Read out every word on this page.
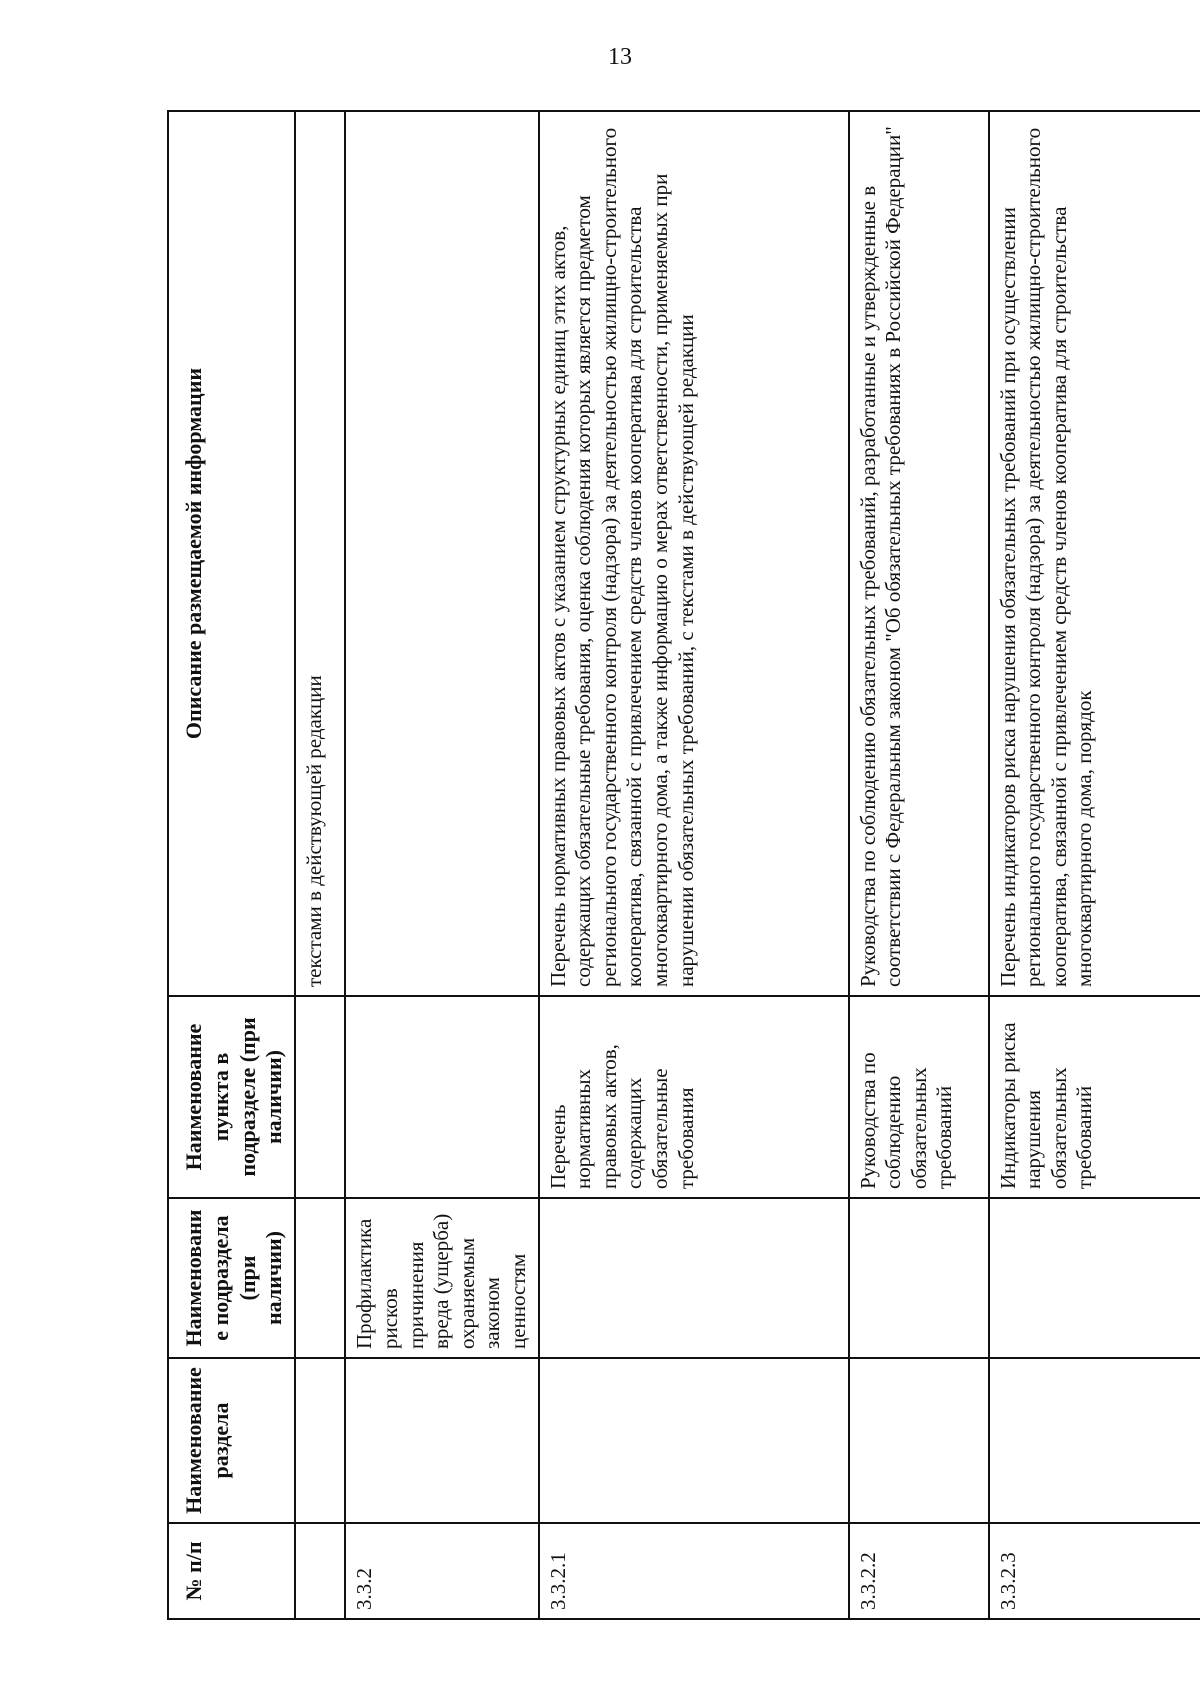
13
№ п/п	Наименование раздела	Наименование подраздела (при наличии)	Наименование пункта в подразделе (при наличии)	Описание размещаемой информации
				текстами в действующей редакции
3.3.2		Профилактика рисков причинения вреда (ущерба) охраняемым законом ценностям		
3.3.2.1			Перечень нормативных правовых актов, содержащих обязательные требования	Перечень нормативных правовых актов с указанием структурных единиц этих актов, содержащих обязательные требования, оценка соблюдения которых является предметом регионального государственного контроля (надзора) за деятельностью жилищно-строительного кооператива, связанной с привлечением средств членов кооператива для строительства многоквартирного дома, а также информацию о мерах ответственности, применяемых при нарушении обязательных требований, с текстами в действующей редакции
3.3.2.2			Руководства по соблюдению обязательных требований	Руководства по соблюдению обязательных требований, разработанные и утвержденные в соответствии с Федеральным законом "Об обязательных требованиях в Российской Федерации"
3.3.2.3			Индикаторы риска нарушения обязательных требований	Перечень индикаторов риска нарушения обязательных требований при осуществлении регионального государственного контроля (надзора) за деятельностью жилищно-строительного кооператива, связанной с привлечением средств членов кооператива для строительства многоквартирного дома, порядок
